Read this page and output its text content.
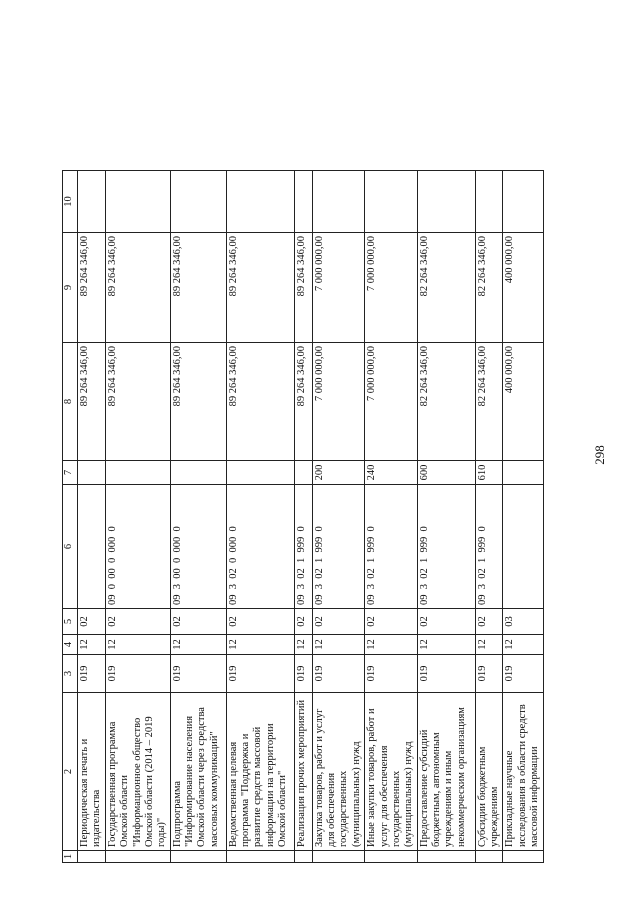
298
1	2	3	4	5	6	7	8	9	10
	Периодическая печать и издательства	019	12	02			89 264 346,00	89 264 346,00	
	Государственная программа Омской области "Информационное общество Омской области (2014 – 2019 годы)"	019	12	02	09  0  00  0  000  0		89 264 346,00	89 264 346,00	
	Подпрограмма "Информирование населения Омской области через средства массовых коммуникаций"	019	12	02	09  3  00  0  000  0		89 264 346,00	89 264 346,00	
	Ведомственная целевая программа "Поддержка и развитие средств массовой информации на территории Омской области"	019	12	02	09  3  02  0  000  0		89 264 346,00	89 264 346,00	
	Реализация прочих мероприятий	019	12	02	09  3  02  1  999  0		89 264 346,00	89 264 346,00	
	Закупка товаров, работ и услуг для обеспечения государственных (муниципальных) нужд	019	12	02	09  3  02  1  999  0	200	7 000 000,00	7 000 000,00	
	Иные закупки товаров, работ и услуг для обеспечения государственных (муниципальных) нужд	019	12	02	09  3  02  1  999  0	240	7 000 000,00	7 000 000,00	
	Предоставление субсидий бюджетным, автономным учреждениям и иным некоммерческим организациям	019	12	02	09  3  02  1  999  0	600	82 264 346,00	82 264 346,00	
	Субсидии бюджетным учреждениям	019	12	02	09  3  02  1  999  0	610	82 264 346,00	82 264 346,00	
	Прикладные научные исследования в области средств массовой информации	019	12	03			400 000,00	400 000,00	
